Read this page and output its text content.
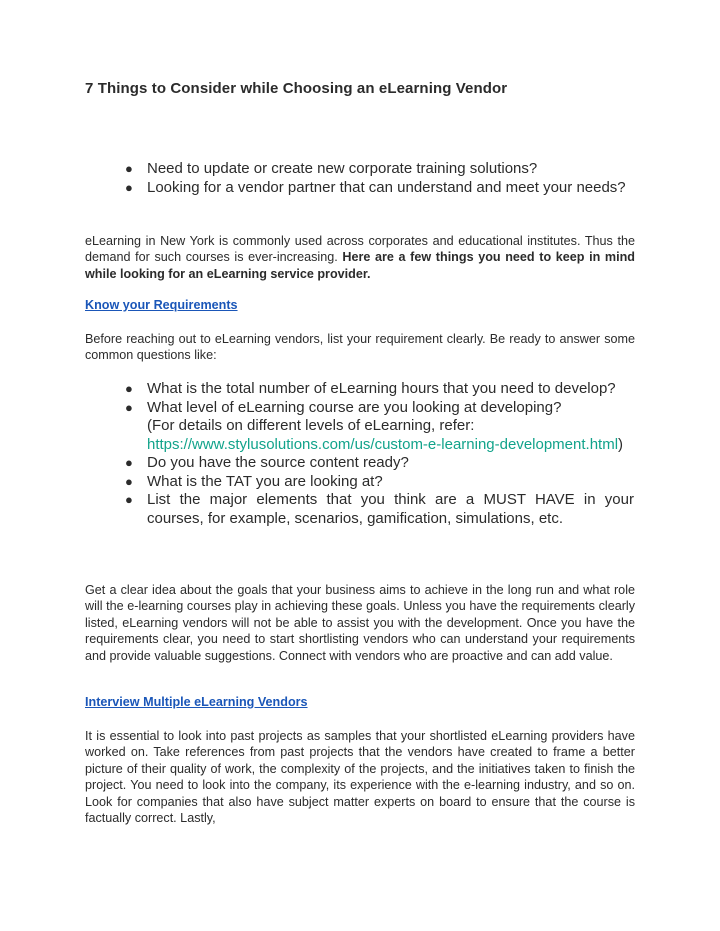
7 Things to Consider while Choosing an eLearning Vendor
● Need to update or create new corporate training solutions?
● Looking for a vendor partner that can understand and meet your needs?

eLearning in New York is commonly used across corporates and educational institutes. Thus the demand for such courses is ever-increasing. Here are a few things you need to keep in mind while looking for an eLearning service provider.

Know your Requirements

Before reaching out to eLearning vendors, list your requirement clearly. Be ready to answer some common questions like:

● What is the total number of eLearning hours that you need to develop?
● What level of eLearning course are you looking at developing?
(For details on different levels of eLearning, refer:
https://www.stylusolutions.com/us/custom-e-learning-development.html)
● Do you have the source content ready?
● What is the TAT you are looking at?
● List the major elements that you think are a MUST HAVE in your courses, for example, scenarios, gamification, simulations, etc.

Get a clear idea about the goals that your business aims to achieve in the long run and what role will the e-learning courses play in achieving these goals. Unless you have the requirements clearly listed, eLearning vendors will not be able to assist you with the development. Once you have the requirements clear, you need to start shortlisting vendors who can understand your requirements and provide valuable suggestions. Connect with vendors who are proactive and can add value.

Interview Multiple eLearning Vendors

It is essential to look into past projects as samples that your shortlisted eLearning providers have worked on. Take references from past projects that the vendors have created to frame a better picture of their quality of work, the complexity of the projects, and the initiatives taken to finish the project. You need to look into the company, its experience with the e-learning industry, and so on. Look for companies that also have subject matter experts on board to ensure that the course is factually correct. Lastly,
